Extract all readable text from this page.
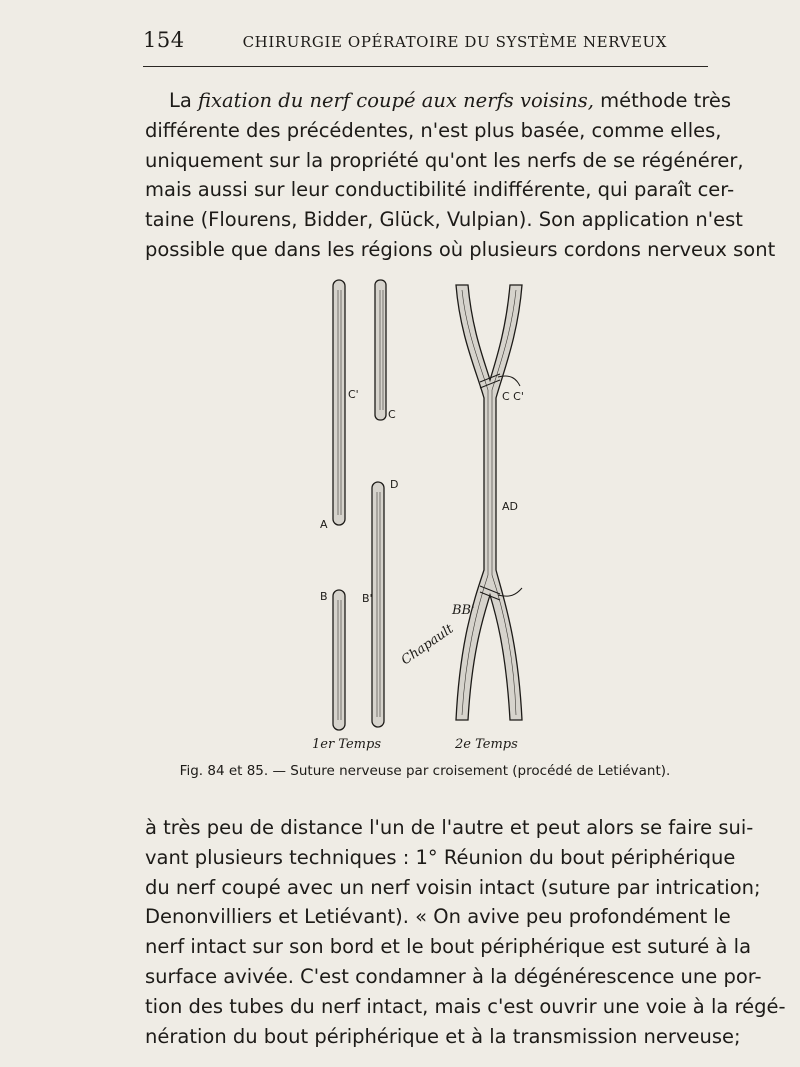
154	CHIRURGIE OPÉRATOIRE DU SYSTÈME NERVEUX

La fixation du nerf coupé aux nerfs voisins, méthode très
différente des précédentes, n'est plus basée, comme elles,
uniquement sur la propriété qu'ont les nerfs de se régénérer,
mais aussi sur leur conductibilité indifférente, qui paraît cer-
taine (Flourens, Bidder, Glück, Vulpian). Son application n'est
possible que dans les régions où plusieurs cordons nerveux sont

C'
C
A
D
B	B'
C C'
AD
BB'
Chapault
1er Temps	2e Temps
Fig. 84 et 85. — Suture nerveuse par croisement (procédé de Letiévant).

à très peu de distance l'un de l'autre et peut alors se faire sui-
vant plusieurs techniques : 1° Réunion du bout périphérique
du nerf coupé avec un nerf voisin intact (suture par intrication;
Denonvilliers et Letiévant). « On avive peu profondément le
nerf intact sur son bord et le bout périphérique est suturé à la
surface avivée. C'est condamner à la dégénérescence une por-
tion des tubes du nerf intact, mais c'est ouvrir une voie à la régé-
nération du bout périphérique et à la transmission nerveuse;
